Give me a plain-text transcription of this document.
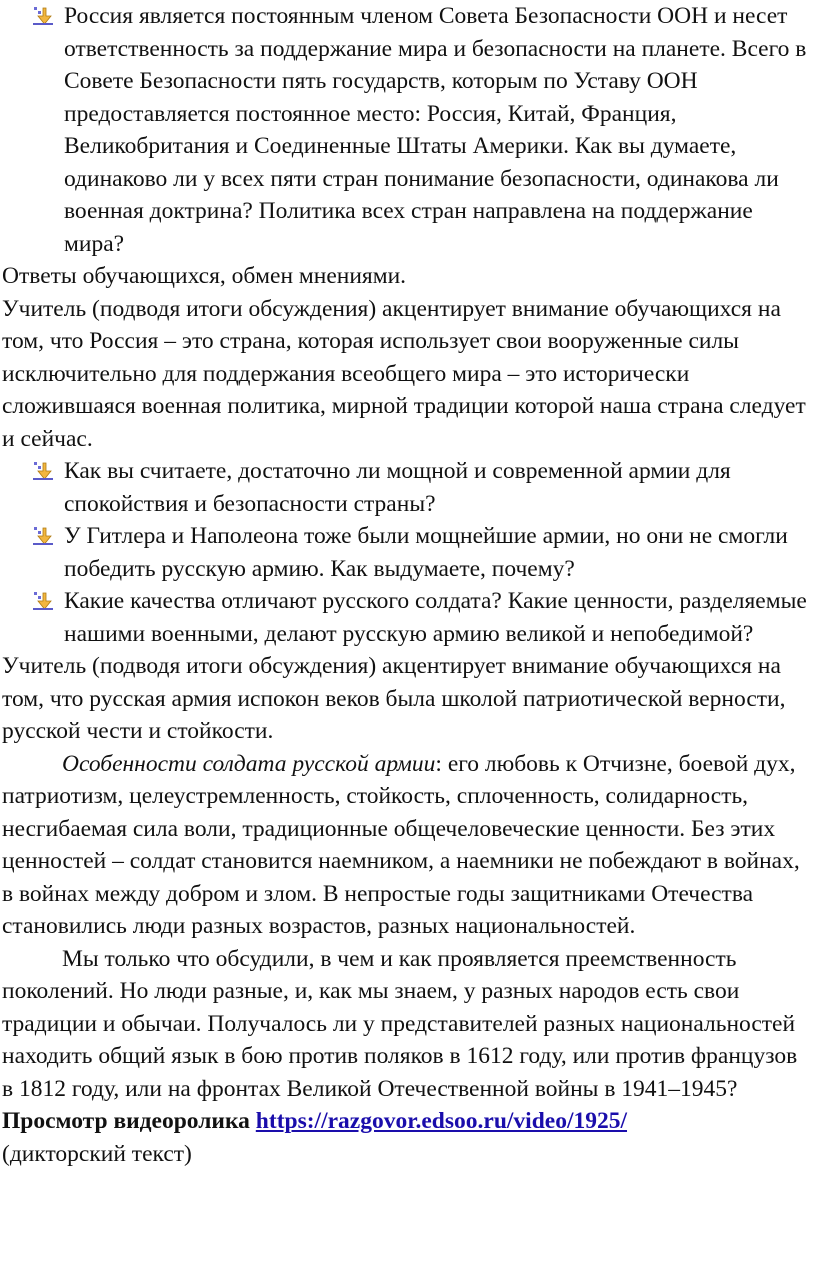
Россия является постоянным членом Совета Безопасности ООН и несет ответственность за поддержание мира и безопасности на планете. Всего в Совете Безопасности пять государств, которым по Уставу ООН предоставляется постоянное место: Россия, Китай, Франция, Великобритания и Соединенные Штаты Америки. Как вы думаете, одинаково ли у всех пяти стран понимание безопасности, одинакова ли военная доктрина? Политика всех стран направлена на поддержание мира?

Ответы обучающихся, обмен мнениями.

Учитель (подводя итоги обсуждения) акцентирует внимание обучающихся на том, что Россия – это страна, которая использует свои вооруженные силы исключительно для поддержания всеобщего мира – это исторически сложившаяся военная политика, мирной традиции которой наша страна следует и сейчас.

Как вы считаете, достаточно ли мощной и современной армии для спокойствия и безопасности страны?

У Гитлера и Наполеона тоже были мощнейшие армии, но они не смогли победить русскую армию. Как выдумаете, почему?

Какие качества отличают русского солдата? Какие ценности, разделяемые нашими военными, делают русскую армию великой и непобедимой?

Учитель (подводя итоги обсуждения) акцентирует внимание обучающихся на том, что русская армия испокон веков была школой патриотической верности, русской чести и стойкости.

Особенности солдата русской армии: его любовь к Отчизне, боевой дух, патриотизм, целеустремленность, стойкость, сплоченность, солидарность, несгибаемая сила воли, традиционные общечеловеческие ценности. Без этих ценностей – солдат становится наемником, а наемники не побеждают в войнах, в войнах между добром и злом. В непростые годы защитниками Отечества становились люди разных возрастов, разных национальностей.

Мы только что обсудили, в чем и как проявляется преемственность поколений. Но люди разные, и, как мы знаем, у разных народов есть свои традиции и обычаи. Получалось ли у представителей разных национальностей находить общий язык в бою против поляков в 1612 году, или против французов в 1812 году, или на фронтах Великой Отечественной войны в 1941–1945?

Просмотр видеоролика https://razgovor.edsoo.ru/video/1925/

(дикторский текст)
